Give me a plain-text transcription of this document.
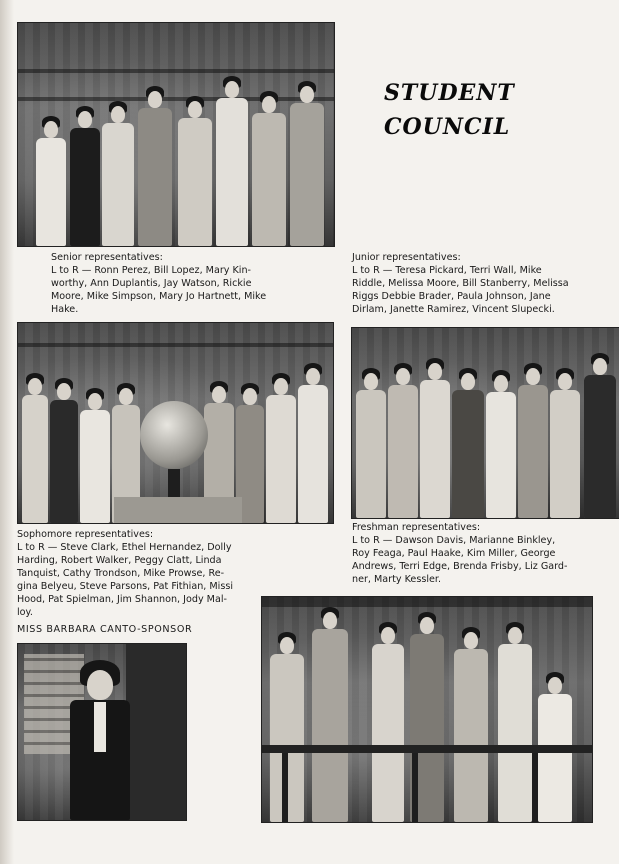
STUDENT
COUNCIL
Senior representatives:
L to R — Ronn Perez, Bill Lopez, Mary Kin-
worthy, Ann Duplantis, Jay Watson, Rickie
Moore, Mike Simpson, Mary Jo Hartnett, Mike
Hake.
Junior representatives:
L to R — Teresa Pickard, Terri Wall, Mike
Riddle, Melissa Moore, Bill Stanberry, Melissa
Riggs Debbie Brader, Paula Johnson, Jane
Dirlam, Janette Ramirez, Vincent Slupecki.
Sophomore representatives:
L to R — Steve Clark, Ethel Hernandez, Dolly
Harding, Robert Walker, Peggy Clatt, Linda
Tanquist, Cathy Trondson, Mike Prowse, Re-
gina Belyeu, Steve Parsons, Pat Fithian, Missi
Hood, Pat Spielman, Jim Shannon, Jody Mal-
loy.
Freshman representatives:
L to R — Dawson Davis, Marianne Binkley,
Roy Feaga, Paul Haake, Kim Miller, George
Andrews, Terri Edge, Brenda Frisby, Liz Gard-
ner, Marty Kessler.
MISS BARBARA CANTO-SPONSOR
